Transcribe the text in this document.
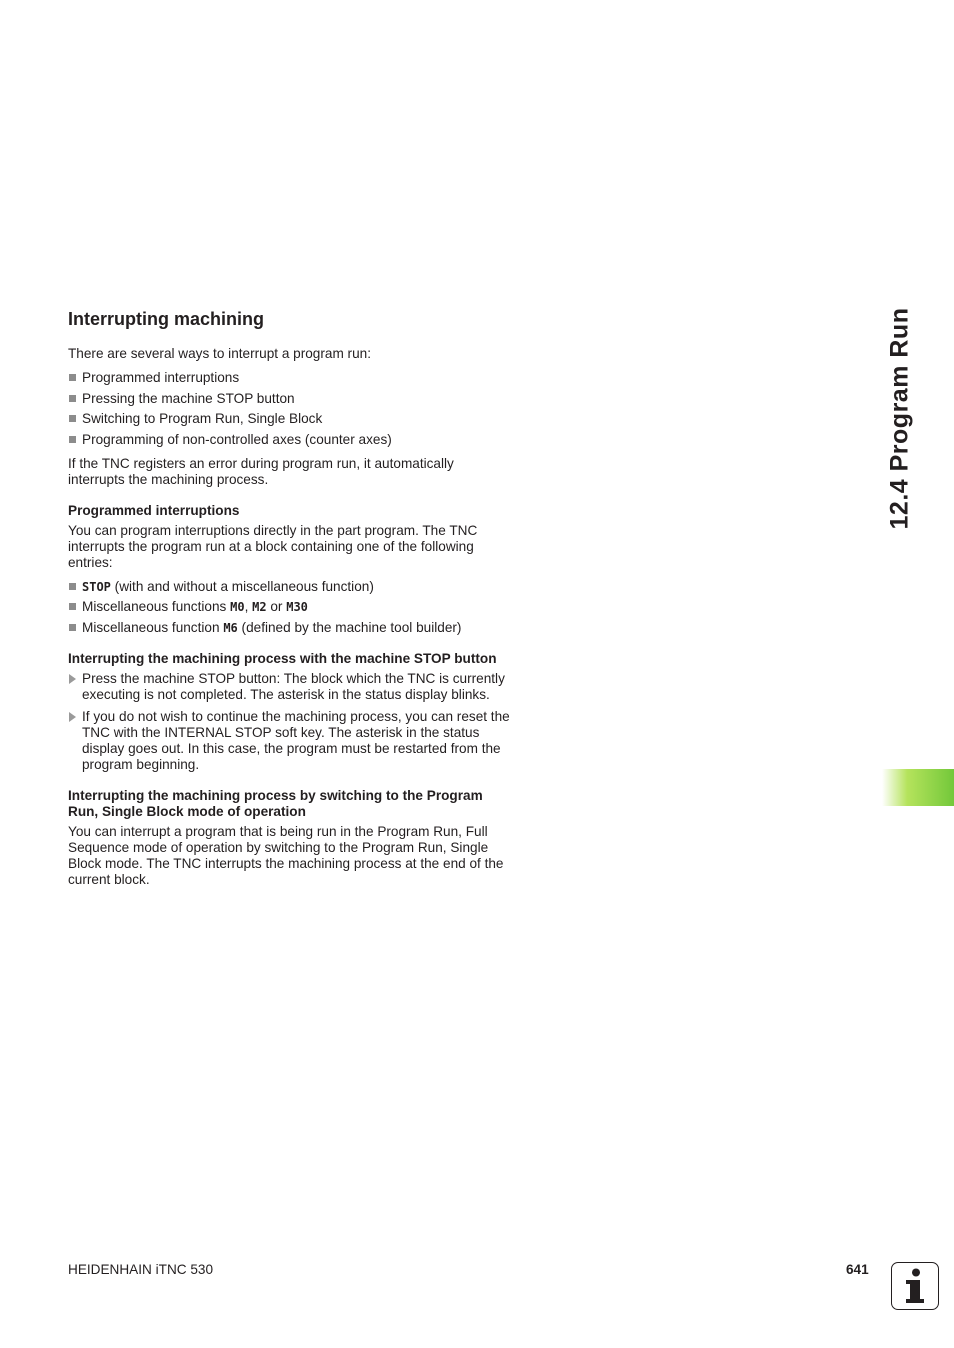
12.4 Program Run
Interrupting machining

There are several ways to interrupt a program run:

Programmed interruptions
Pressing the machine STOP button
Switching to Program Run, Single Block
Programming of non-controlled axes (counter axes)

If the TNC registers an error during program run, it automatically interrupts the machining process.

Programmed interruptions

You can program interruptions directly in the part program. The TNC interrupts the program run at a block containing one of the following entries:

STOP (with and without a miscellaneous function)
Miscellaneous functions M0, M2 or M30
Miscellaneous function M6 (defined by the machine tool builder)
Interrupting the machining process with the machine STOP button
Press the machine STOP button: The block which the TNC is currently executing is not completed. The asterisk in the status display blinks.
If you do not wish to continue the machining process, you can reset the TNC with the INTERNAL STOP soft key. The asterisk in the status display goes out. In this case, the program must be restarted from the program beginning.
Interrupting the machining process by switching to the Program Run, Single Block mode of operation

You can interrupt a program that is being run in the Program Run, Full Sequence mode of operation by switching to the Program Run, Single Block mode. The TNC interrupts the machining process at the end of the current block.

HEIDENHAIN iTNC 530	641
